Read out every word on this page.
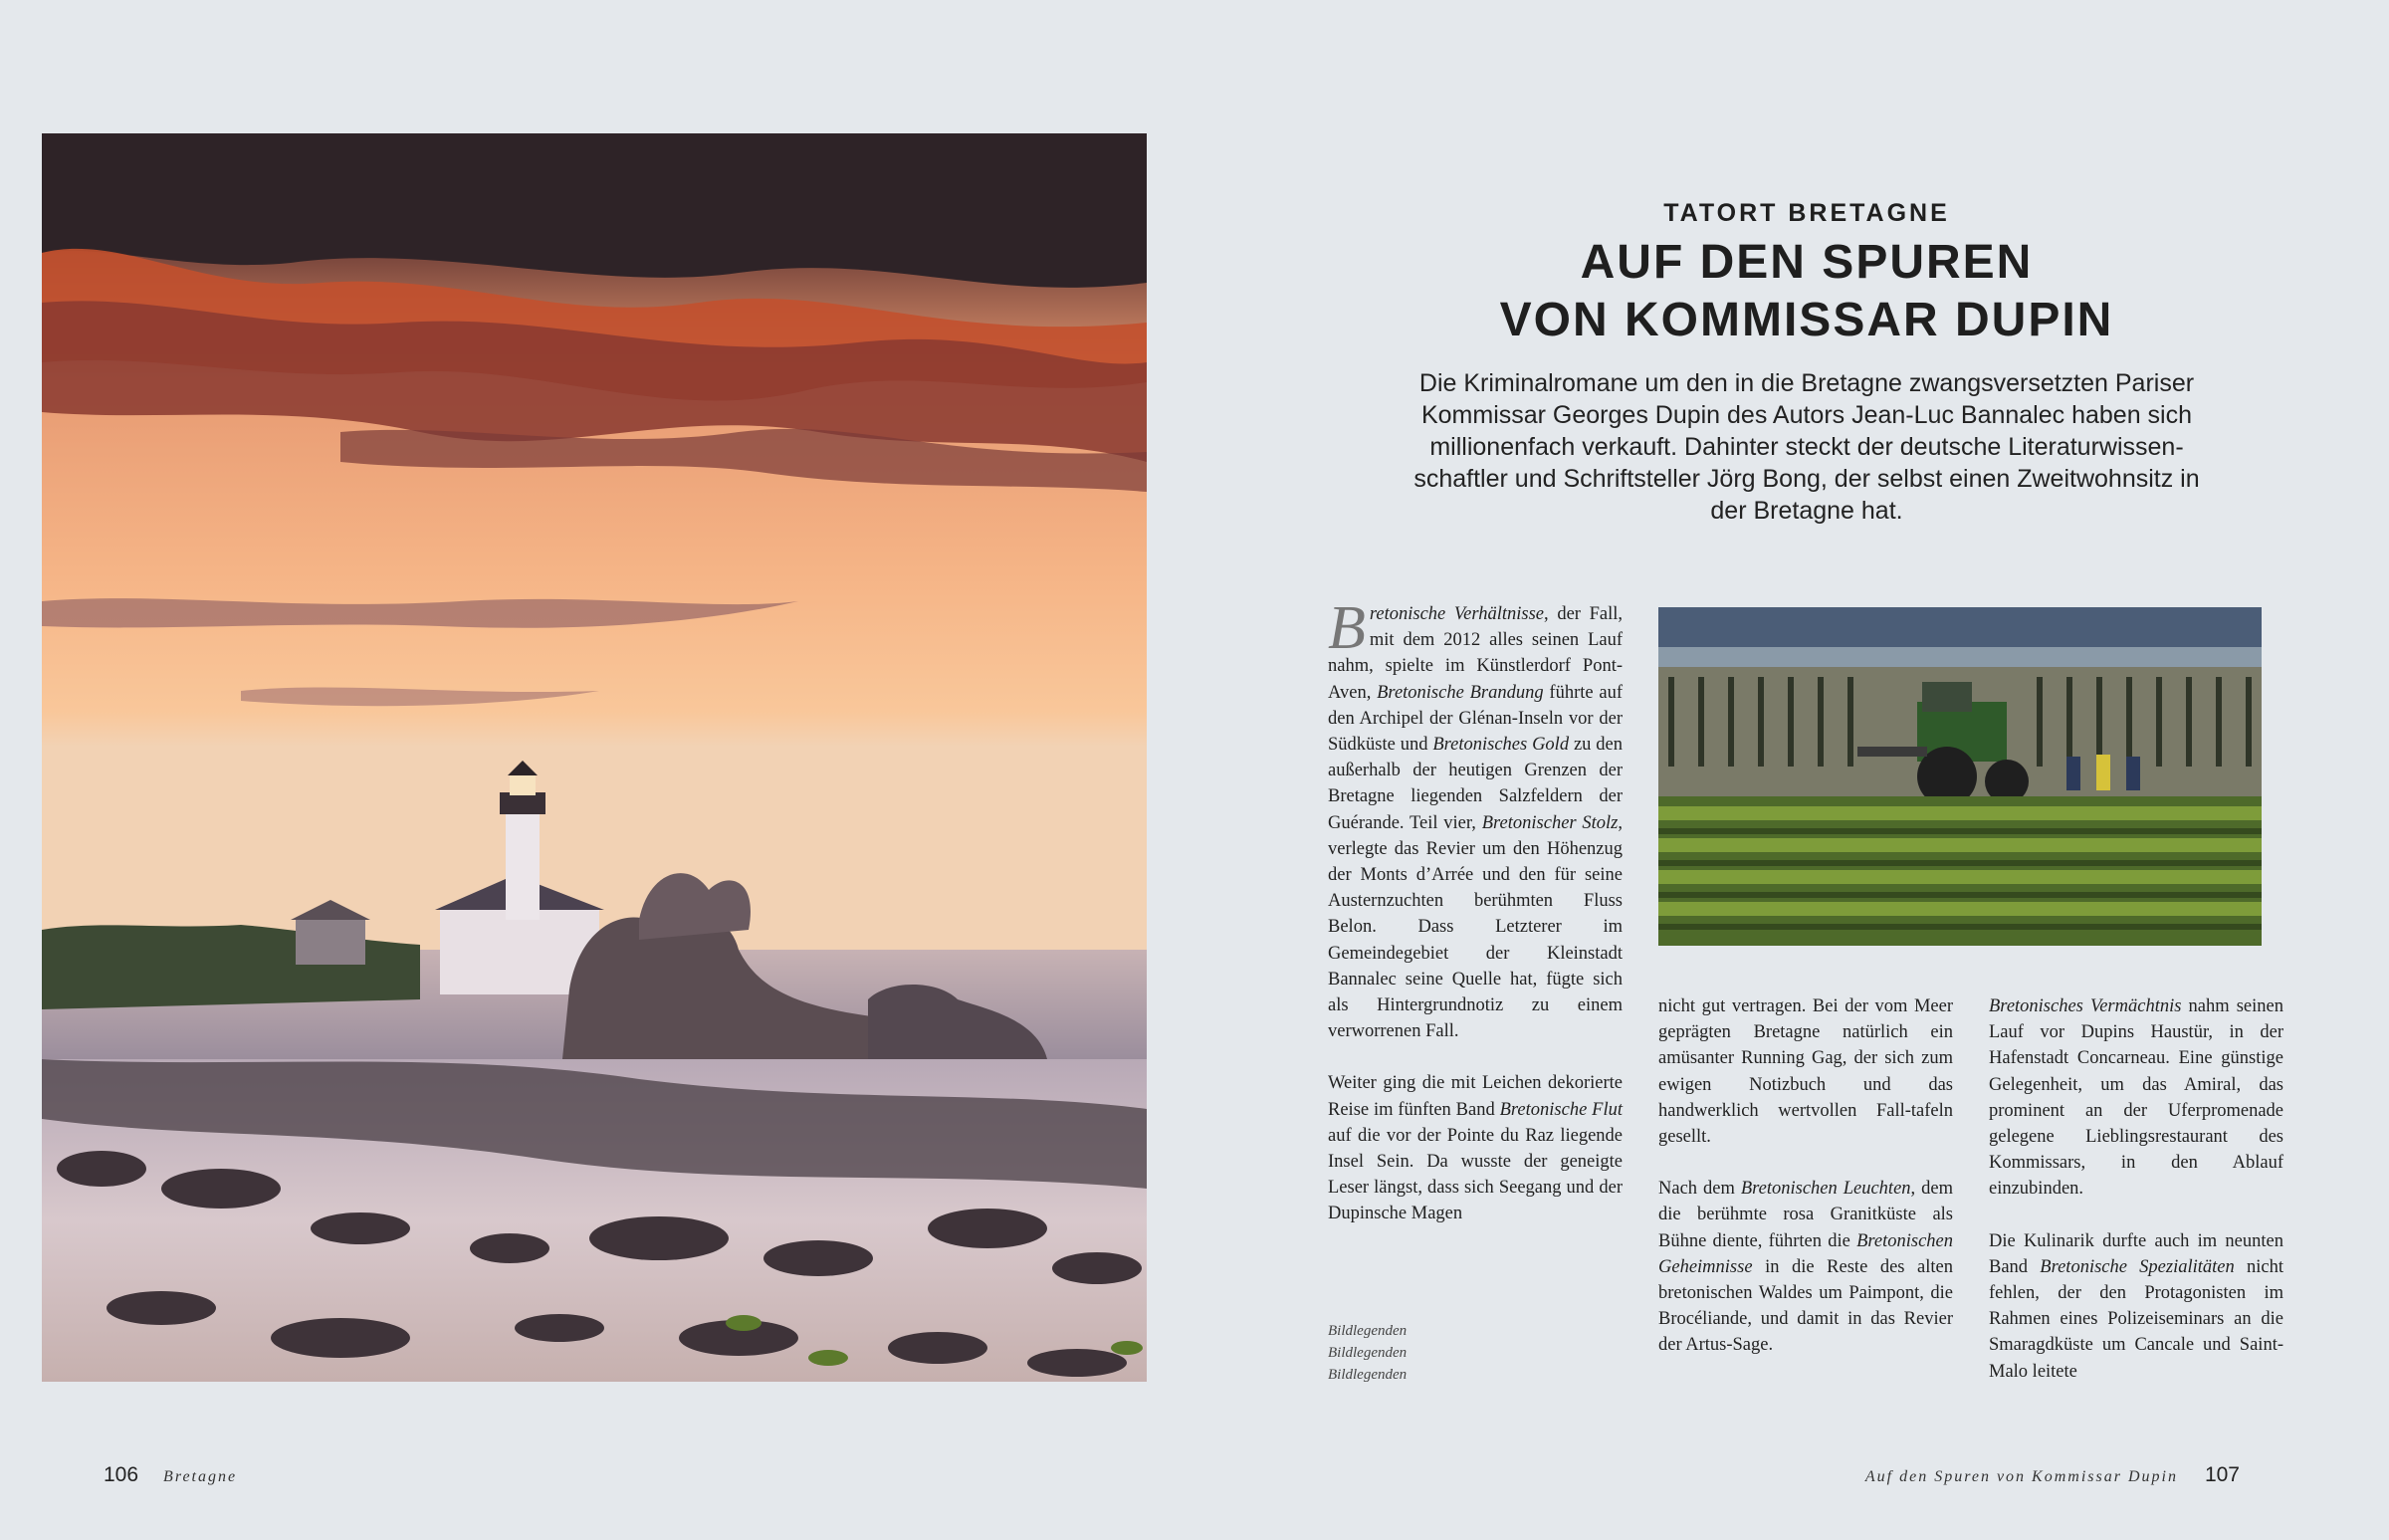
106 Bretagne
TATORT BRETAGNE
AUF DEN SPUREN
VON KOMMISSAR DUPIN
Die Kriminalromane um den in die Bretagne zwangsversetzten Pariser Kommissar Georges Dupin des Autors Jean-Luc Bannalec haben sich millionenfach verkauft. Dahinter steckt der deutsche Literaturwissen-schaftler und Schriftsteller Jörg Bong, der selbst einen Zweitwohnsitz in der Bretagne hat.

Bretonische Verhältnisse, der Fall, mit dem 2012 alles seinen Lauf nahm, spielte im Künstlerdorf Pont-Aven, Bretonische Brandung führte auf den Archipel der Glénan-Inseln vor der Südküste und Bretonisches Gold zu den außerhalb der heutigen Grenzen der Bretagne liegenden Salzfeldern der Guérande. Teil vier, Bretonischer Stolz, verlegte das Revier um den Höhenzug der Monts d’Arrée und den für seine Austernzuchten berühmten Fluss Belon. Dass Letzterer im Gemeindegebiet der Kleinstadt Bannalec seine Quelle hat, fügte sich als Hintergrundnotiz zu einem verworrenen Fall.

Weiter ging die mit Leichen dekorierte Reise im fünften Band Bretonische Flut auf die vor der Pointe du Raz liegende Insel Sein. Da wusste der geneigte Leser längst, dass sich Seegang und der Dupinsche Magen

nicht gut vertragen. Bei der vom Meer geprägten Bretagne natürlich ein amüsanter Running Gag, der sich zum ewigen Notizbuch und das handwerklich wertvollen Fall-tafeln gesellt.

Nach dem Bretonischen Leuchten, dem die berühmte rosa Granitküste als Bühne diente, führten die Bretonischen Geheimnisse in die Reste des alten bretonischen Waldes um Paimpont, die Brocéliande, und damit in das Revier der Artus-Sage.

Bretonisches Vermächtnis nahm seinen Lauf vor Dupins Haustür, in der Hafenstadt Concarneau. Eine günstige Gelegenheit, um das Amiral, das prominent an der Uferpromenade gelegene Lieblingsrestaurant des Kommissars, in den Ablauf einzubinden.

Die Kulinarik durfte auch im neunten Band Bretonische Spezialitäten nicht fehlen, der den Protagonisten im Rahmen eines Polizeiseminars an die Smaragdküste um Cancale und Saint-Malo leitete

Bildlegenden
Bildlegenden
Bildlegenden
Auf den Spuren von Kommissar Dupin 107
